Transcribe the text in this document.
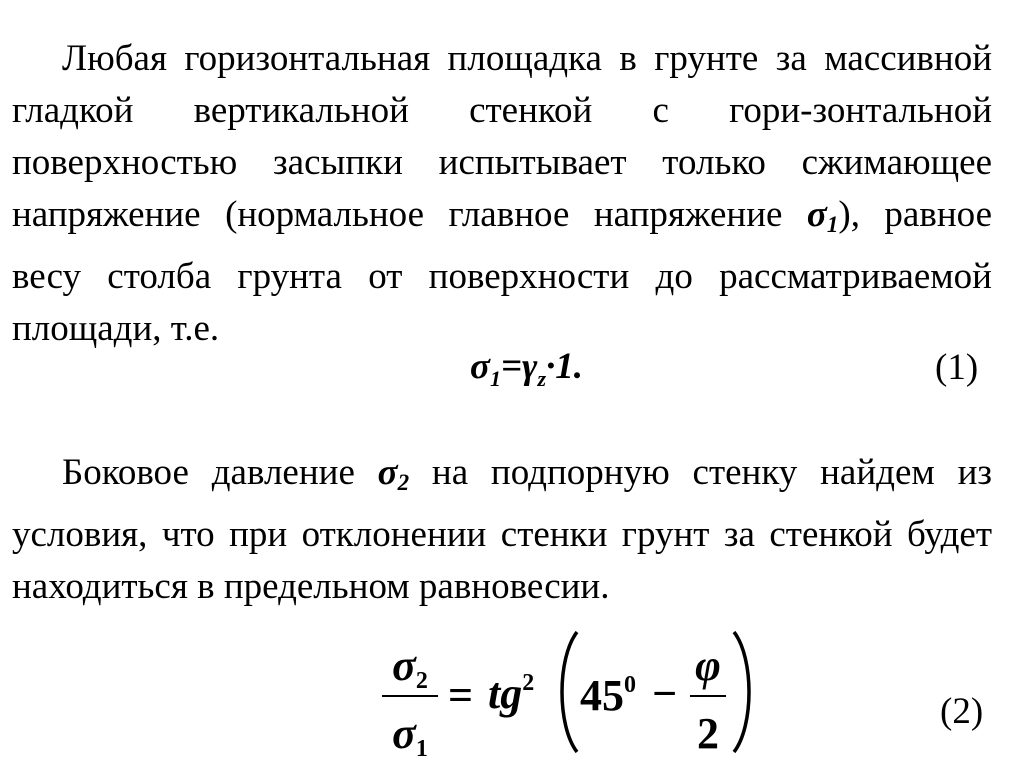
Любая горизонтальная площадка в грунте за массивной гладкой вертикальной стенкой с гори-зонтальной поверхностью засыпки испытывает только сжимающее напряжение (нормальное главное напряжение $\sigma_1$), равное весу столба грунта от поверхности до рассматриваемой площади, т.е.
$\sigma_1=\gamma_z\cdot 1$.	(1)
Боковое давление $\sigma_2$ на подпорную стенку найдем из условия, что при отклонении стенки грунт за стенкой будет находиться в предельном равновесии.
$\sigma_2$
$\sigma_1$
= $tg^2$ $45^0$ −
φ
2	(2)
